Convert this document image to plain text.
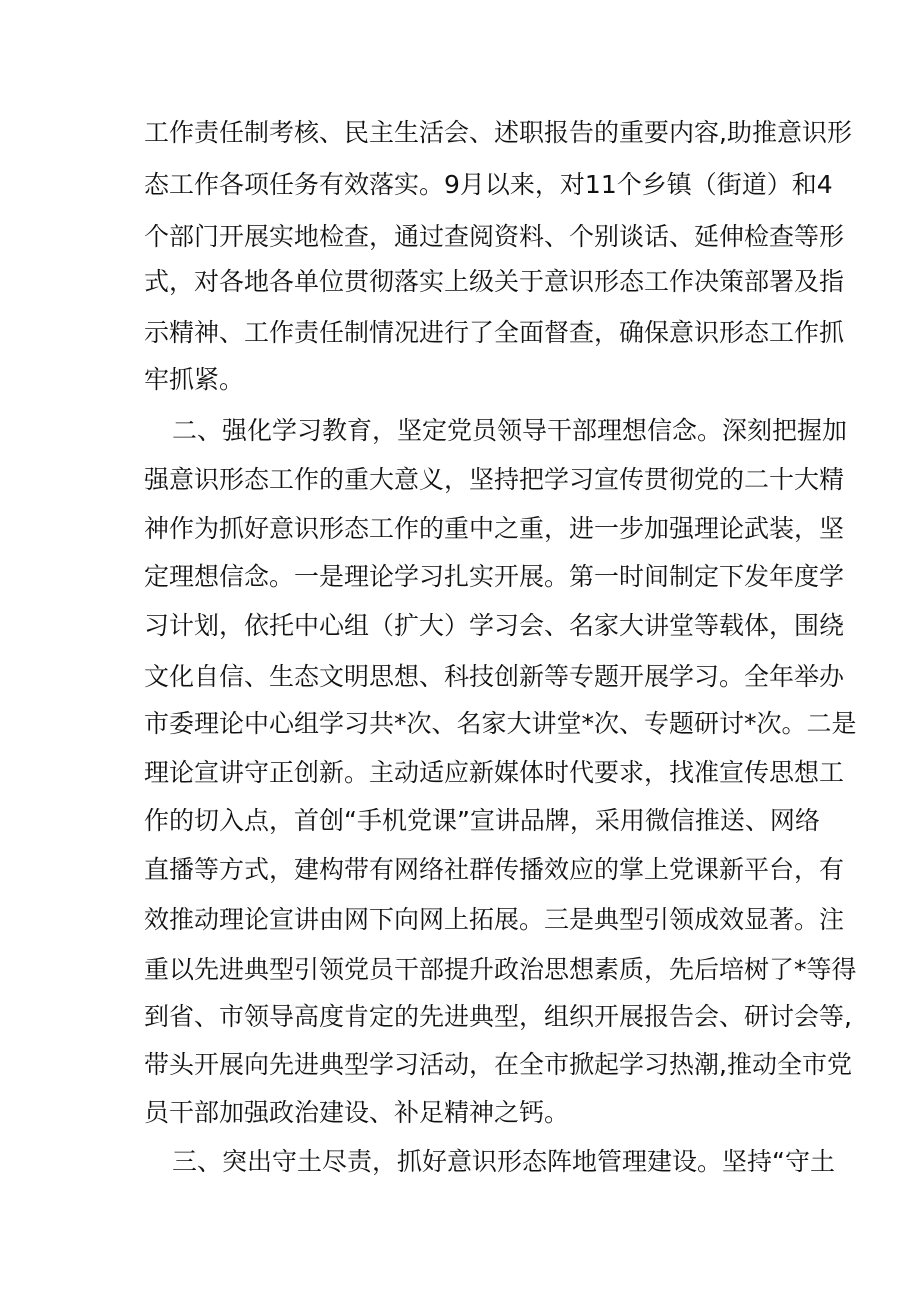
工作责任制考核、民主生活会、述职报告的重要内容,助推意识形
态工作各项任务有效落实。9月以来，对11个乡镇（街道）和4
个部门开展实地检查，通过查阅资料、个别谈话、延伸检查等形
式，对各地各单位贯彻落实上级关于意识形态工作决策部署及指
示精神、工作责任制情况进行了全面督查，确保意识形态工作抓
牢抓紧。
二、强化学习教育，坚定党员领导干部理想信念。深刻把握加
强意识形态工作的重大意义，坚持把学习宣传贯彻党的二十大精
神作为抓好意识形态工作的重中之重，进一步加强理论武装，坚
定理想信念。一是理论学习扎实开展。第一时间制定下发年度学
习计划，依托中心组（扩大）学习会、名家大讲堂等载体，围绕
文化自信、生态文明思想、科技创新等专题开展学习。全年举办
市委理论中心组学习共*次、名家大讲堂*次、专题研讨*次。二是
理论宣讲守正创新。主动适应新媒体时代要求，找准宣传思想工
作的切入点，首创“手机党课”宣讲品牌，采用微信推送、网络
直播等方式，建构带有网络社群传播效应的掌上党课新平台，有
效推动理论宣讲由网下向网上拓展。三是典型引领成效显著。注
重以先进典型引领党员干部提升政治思想素质，先后培树了*等得
到省、市领导高度肯定的先进典型，组织开展报告会、研讨会等,
带头开展向先进典型学习活动，在全市掀起学习热潮,推动全市党
员干部加强政治建设、补足精神之钙。
三、突出守土尽责，抓好意识形态阵地管理建设。坚持“守土
